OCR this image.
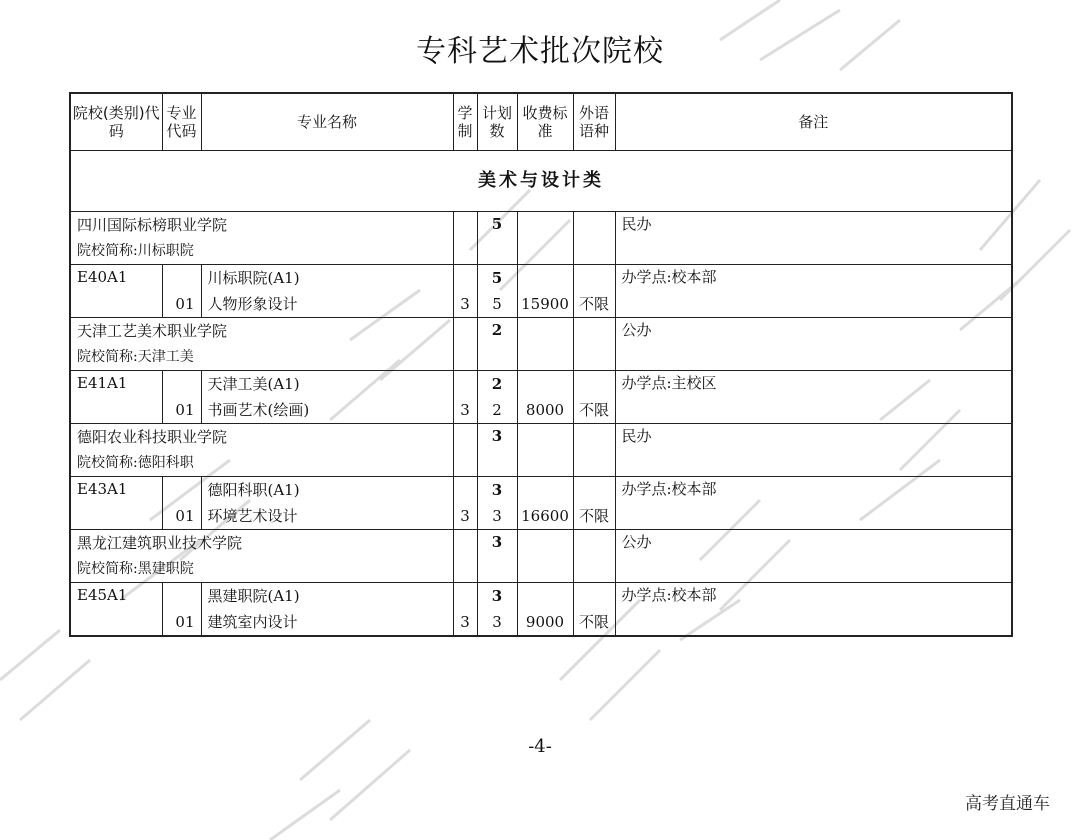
专科艺术批次院校
院校(类别)代码	专业代码	专业名称	学制	计划数	收费标准	外语语种	备注
美术与设计类							
四川国际标榜职业学院				5			民办
院校简称:川标职院							
E40A1		川标职院(A1)		5			办学点:校本部
	01	人物形象设计	3	5	15900	不限	
天津工艺美术职业学院				2			公办
院校简称:天津工美							
E41A1		天津工美(A1)		2			办学点:主校区
	01	书画艺术(绘画)	3	2	8000	不限	
德阳农业科技职业学院				3			民办
院校简称:德阳科职							
E43A1		德阳科职(A1)		3			办学点:校本部
	01	环境艺术设计	3	3	16600	不限	
黑龙江建筑职业技术学院				3			公办
院校简称:黑建职院							
E45A1		黑建职院(A1)		3			办学点:校本部
	01	建筑室内设计	3	3	9000	不限	
-4-
高考直通车
